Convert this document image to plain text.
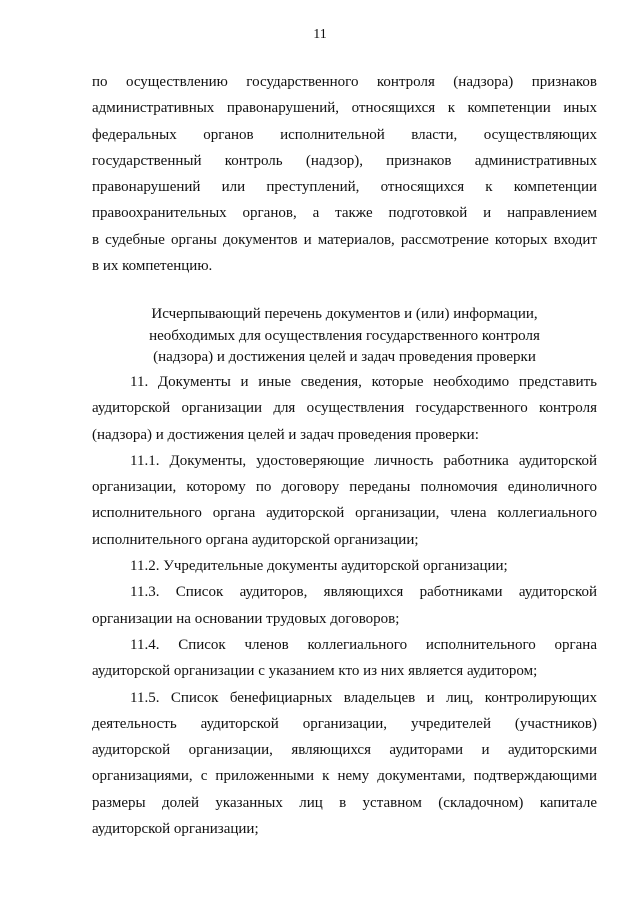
11
по осуществлению государственного контроля (надзора) признаков
административных правонарушений, относящихся к компетенции иных
федеральных органов исполнительной власти, осуществляющих
государственный контроль (надзор), признаков административных
правонарушений или преступлений, относящихся к компетенции
правоохранительных органов, а также подготовкой и направлением
в судебные органы документов и материалов, рассмотрение которых входит
в их компетенцию.
Исчерпывающий перечень документов и (или) информации,
необходимых для осуществления государственного контроля
(надзора) и достижения целей и задач проведения проверки
11. Документы и иные сведения, которые необходимо представить
аудиторской организации для осуществления государственного контроля
(надзора) и достижения целей и задач проведения проверки:
11.1. Документы, удостоверяющие личность работника аудиторской
организации, которому по договору переданы полномочия единоличного
исполнительного органа аудиторской организации, члена коллегиального
исполнительного органа аудиторской организации;
11.2. Учредительные документы аудиторской организации;
11.3. Список аудиторов, являющихся работниками аудиторской
организации на основании трудовых договоров;
11.4. Список членов коллегиального исполнительного органа
аудиторской организации с указанием кто из них является аудитором;
11.5. Список бенефициарных владельцев и лиц, контролирующих
деятельность аудиторской организации, учредителей (участников)
аудиторской организации, являющихся аудиторами и аудиторскими
организациями, с приложенными к нему документами, подтверждающими
размеры долей указанных лиц в уставном (складочном) капитале
аудиторской организации;
